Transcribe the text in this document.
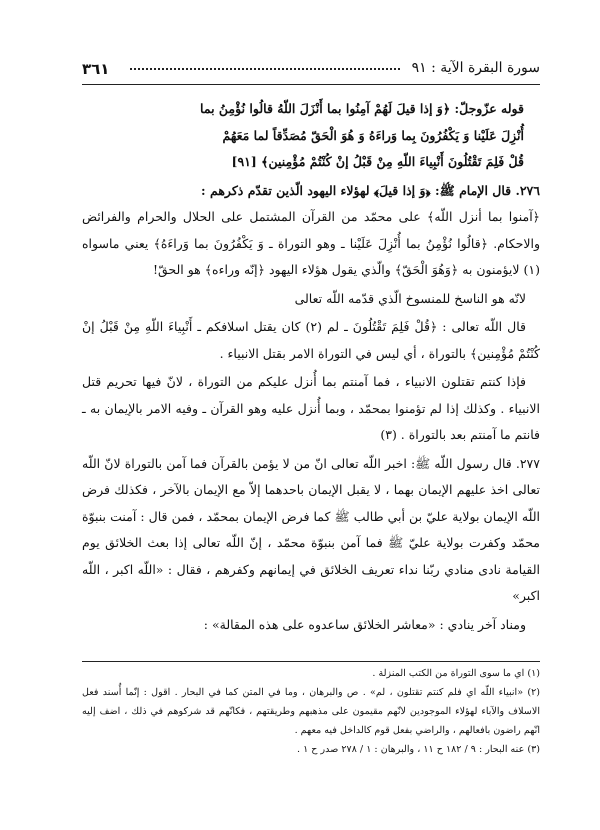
٣٦١	سورة البقرة الآية : ٩١

قوله عزّوجلّ: ﴿وَ إذا قيلَ لَهُمْ آمِنُوا بما أَنْزَلَ اللّهُ قالُوا نُؤْمِنُ بما

أُنْزِلَ عَلَيْنا وَ يَكْفُرُونَ بِما وَراءَهُ وَ هُوَ الْحَقّ مُصَدِّقاً لما مَعَهُمْ

قُلْ فَلِمَ تَقْتُلُونَ أَنْبِياءَ اللّهِ مِنْ قَبْلُ إنْ كُنْتُمْ مُؤْمِنين﴾ [٩١]

٢٧٦. قال الإمام ﷺ: ﴿وَ إذا قيلَ﴾ لهؤلاء اليهود الّذين تقدّم ذكرهم :

﴿آمنوا بما أنزل اللّه﴾ على محمّد من القرآن المشتمل على الحلال والحرام والفرائض والاحكام. ﴿قالُوا نُؤْمِنُ بما أُنْزِلَ عَلَيْنا ـ وهو التوراة ـ وَ يَكْفُرُونَ بما وَراءَهُ﴾ يعني ماسواه (١) لايؤمنون به ﴿وَهُوَ الْحَقّ﴾ والّذي يقول هؤلاء اليهود ﴿إنّه وراءه﴾ هو الحقّ!

لانّه هو الناسخ للمنسوخ الّذي قدّمه اللّه تعالى

قال اللّه تعالى : ﴿قُلْ فَلِمَ تَقْتُلُونَ ـ لم (٢) كان يقتل اسلافكم ـ أَنْبِياءَ اللّهِ مِنْ قَبْلُ إنْ كُنْتُمْ مُؤْمِنين﴾ بالتوراة ، أي ليس في التوراة الامر بقتل الانبياء .

فإذا كنتم تقتلون الانبياء ، فما آمنتم بما أُنزل عليكم من التوراة ، لانّ فيها تحريم قتل الانبياء . وكذلك إذا لم تؤمنوا بمحمّد ، وبما أُنزل عليه وهو القرآن ـ وفيه الامر بالإيمان به ـ فانتم ما آمنتم بعد بالتوراة . (٣)

٢٧٧. قال رسول اللّه ﷺ: اخبر اللّه تعالى انّ من لا يؤمن بالقرآن فما آمن بالتوراة لانّ اللّه تعالى اخذ عليهم الإيمان بهما ، لا يقبل الإيمان باحدهما إلاّ مع الإيمان بالآخر ، فكذلك فرض اللّه الإيمان بولاية عليّ بن أبي طالب ﷺ كما فرض الإيمان بمحمّد ، فمن قال : آمنت بنبوّة محمّد وكفرت بولاية عليّ ﷺ فما آمن بنبوّة محمّد ، إنّ اللّه تعالى إذا بعث الخلائق يوم القيامة نادى منادي ربّنا نداء تعريف الخلائق في إيمانهم وكفرهم ، فقال : «اللّه اكبر ، اللّه اكبر»

ومناد آخر ينادي : «معاشر الخلائق ساعدوه على هذه المقالة» :

(١) اي ما سوى التوراة من الكتب المنزلة .

(٢) «انبياء اللّه اي فلم كنتم تقتلون ، لم» . ص والبرهان ، وما في المتن كما في البحار . اقول : إنّما أُسند فعل الاسلاف والآباء لهؤلاء الموجودين لانّهم مقيمون على مذهبهم وطريقتهم ، فكانّهم قد شركوهم في ذلك ، اضف إليه انّهم راضون بافعالهم ، والراضي بفعل قوم كالداخل فيه معهم .

(٣) عنه البحار : ٩ / ١٨٢ ح ١١ ، والبرهان : ١ / ٢٧٨ صدر ح ١ .
